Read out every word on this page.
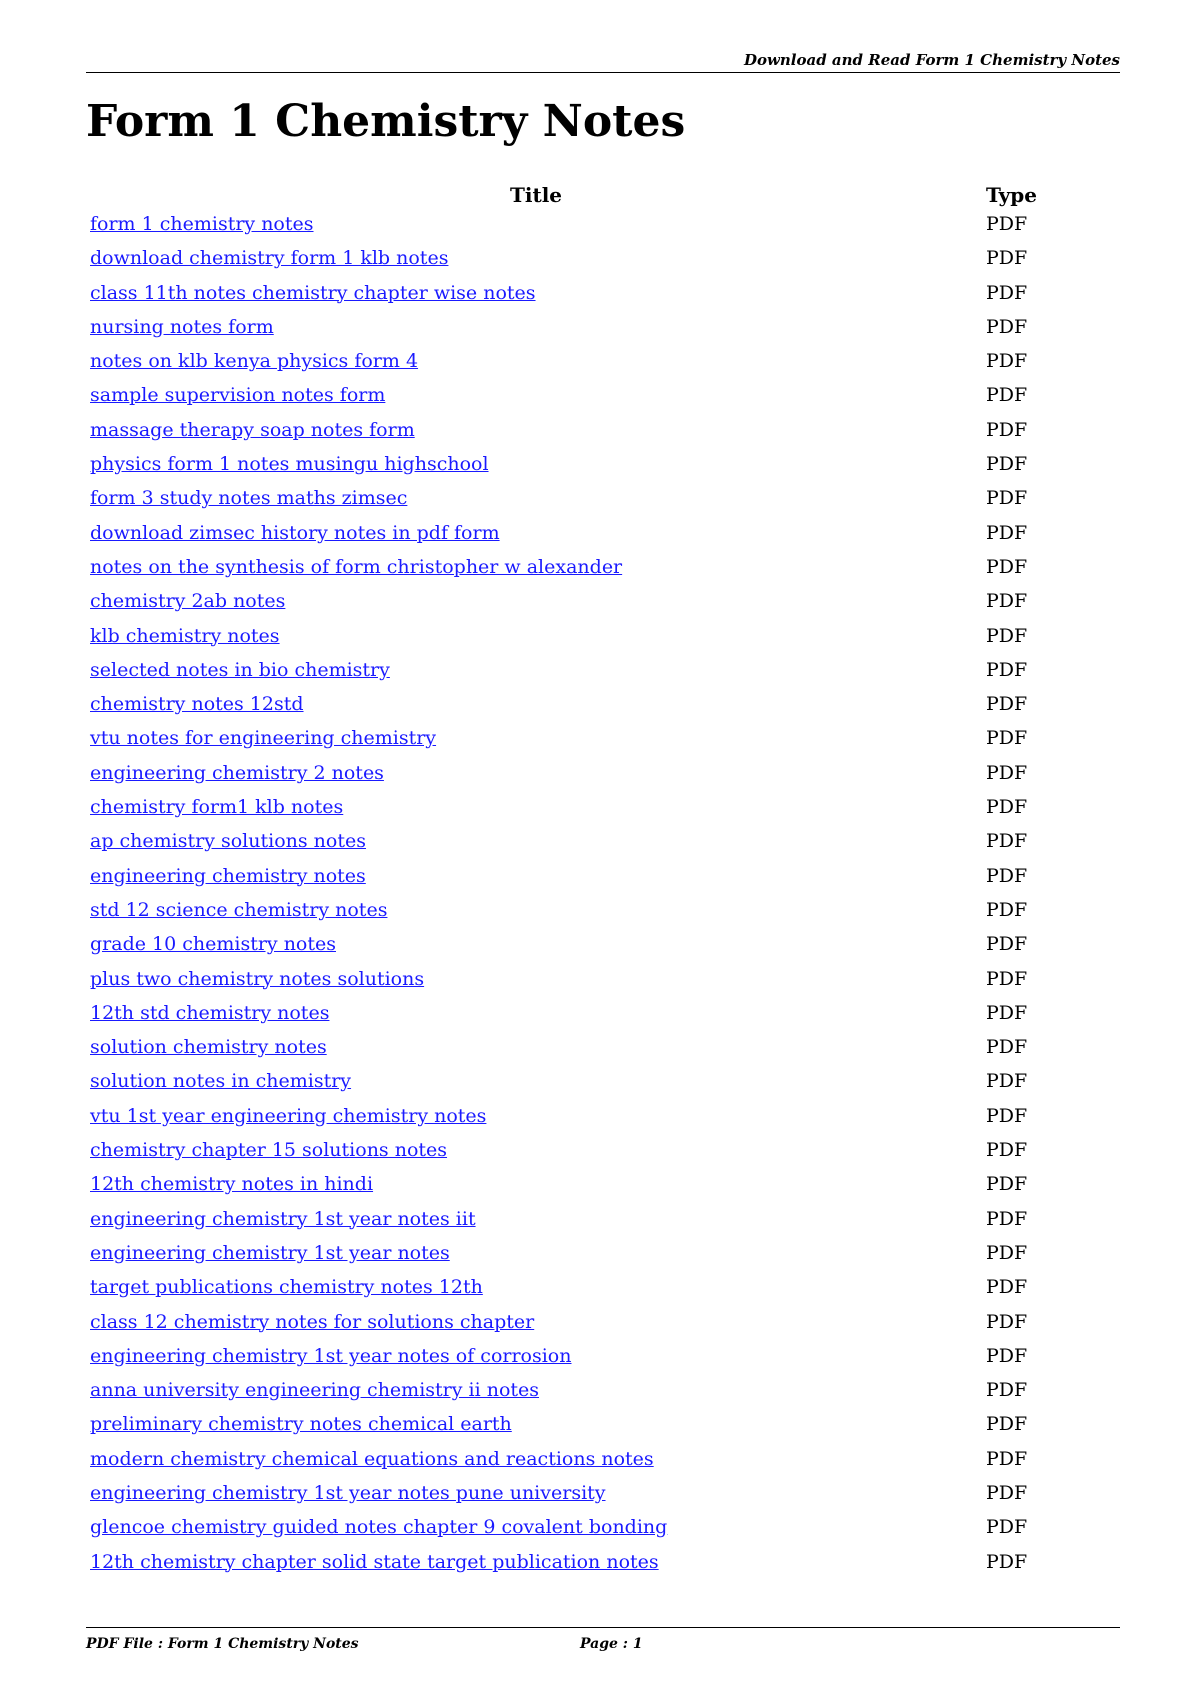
Download and Read Form 1 Chemistry Notes
Form 1 Chemistry Notes
Title	Type
form 1 chemistry notes	PDF
download chemistry form 1 klb notes	PDF
class 11th notes chemistry chapter wise notes	PDF
nursing notes form	PDF
notes on klb kenya physics form 4	PDF
sample supervision notes form	PDF
massage therapy soap notes form	PDF
physics form 1 notes musingu highschool	PDF
form 3 study notes maths zimsec	PDF
download zimsec history notes in pdf form	PDF
notes on the synthesis of form christopher w alexander	PDF
chemistry 2ab notes	PDF
klb chemistry notes	PDF
selected notes in bio chemistry	PDF
chemistry notes 12std	PDF
vtu notes for engineering chemistry	PDF
engineering chemistry 2 notes	PDF
chemistry form1 klb notes	PDF
ap chemistry solutions notes	PDF
engineering chemistry notes	PDF
std 12 science chemistry notes	PDF
grade 10 chemistry notes	PDF
plus two chemistry notes solutions	PDF
12th std chemistry notes	PDF
solution chemistry notes	PDF
solution notes in chemistry	PDF
vtu 1st year engineering chemistry notes	PDF
chemistry chapter 15 solutions notes	PDF
12th chemistry notes in hindi	PDF
engineering chemistry 1st year notes iit	PDF
engineering chemistry 1st year notes	PDF
target publications chemistry notes 12th	PDF
class 12 chemistry notes for solutions chapter	PDF
engineering chemistry 1st year notes of corrosion	PDF
anna university engineering chemistry ii notes	PDF
preliminary chemistry notes chemical earth	PDF
modern chemistry chemical equations and reactions notes	PDF
engineering chemistry 1st year notes pune university	PDF
glencoe chemistry guided notes chapter 9 covalent bonding	PDF
12th chemistry chapter solid state target publication notes	PDF
PDF File : Form 1 Chemistry Notes	Page : 1
